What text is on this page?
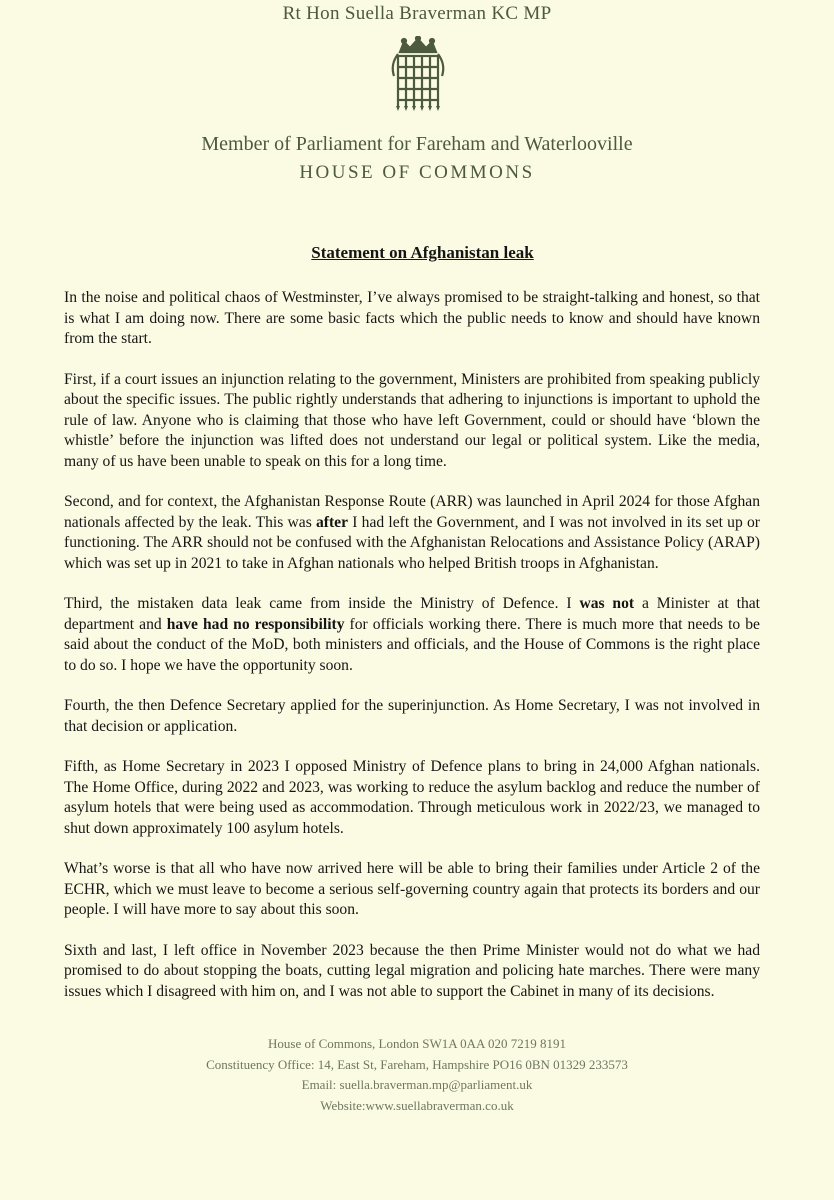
Rt Hon Suella Braverman KC MP
Member of Parliament for Fareham and Waterlooville
HOUSE OF COMMONS
Statement on Afghanistan leak

In the noise and political chaos of Westminster, I’ve always promised to be straight-talking and honest, so that is what I am doing now. There are some basic facts which the public needs to know and should have known from the start.

First, if a court issues an injunction relating to the government, Ministers are prohibited from speaking publicly about the specific issues. The public rightly understands that adhering to injunctions is important to uphold the rule of law. Anyone who is claiming that those who have left Government, could or should have ‘blown the whistle’ before the injunction was lifted does not understand our legal or political system. Like the media, many of us have been unable to speak on this for a long time.

Second, and for context, the Afghanistan Response Route (ARR) was launched in April 2024 for those Afghan nationals affected by the leak. This was after I had left the Government, and I was not involved in its set up or functioning. The ARR should not be confused with the Afghanistan Relocations and Assistance Policy (ARAP) which was set up in 2021 to take in Afghan nationals who helped British troops in Afghanistan.

Third, the mistaken data leak came from inside the Ministry of Defence. I was not a Minister at that department and have had no responsibility for officials working there. There is much more that needs to be said about the conduct of the MoD, both ministers and officials, and the House of Commons is the right place to do so. I hope we have the opportunity soon.

Fourth, the then Defence Secretary applied for the superinjunction. As Home Secretary, I was not involved in that decision or application.

Fifth, as Home Secretary in 2023 I opposed Ministry of Defence plans to bring in 24,000 Afghan nationals. The Home Office, during 2022 and 2023, was working to reduce the asylum backlog and reduce the number of asylum hotels that were being used as accommodation. Through meticulous work in 2022/23, we managed to shut down approximately 100 asylum hotels.

What’s worse is that all who have now arrived here will be able to bring their families under Article 2 of the ECHR, which we must leave to become a serious self-governing country again that protects its borders and our people. I will have more to say about this soon.

Sixth and last, I left office in November 2023 because the then Prime Minister would not do what we had promised to do about stopping the boats, cutting legal migration and policing hate marches. There were many issues which I disagreed with him on, and I was not able to support the Cabinet in many of its decisions.

House of Commons, London SW1A 0AA 020 7219 8191
Constituency Office: 14, East St, Fareham, Hampshire PO16 0BN 01329 233573
Email: suella.braverman.mp@parliament.uk
Website:www.suellabraverman.co.uk
